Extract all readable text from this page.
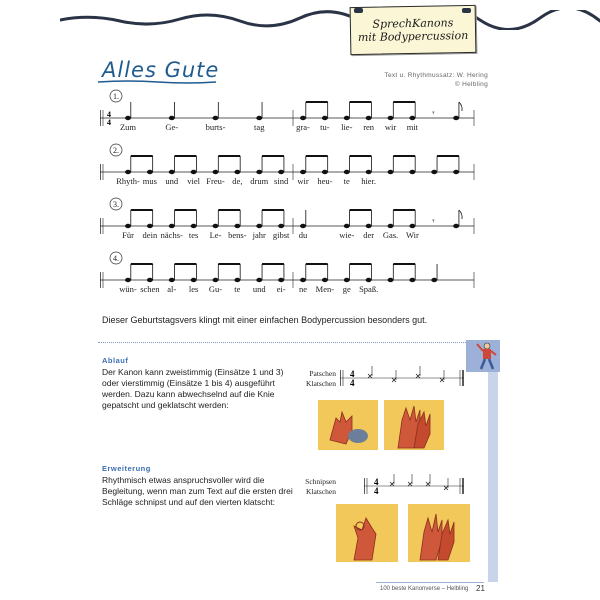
SprechKanons
mit Bodypercussion
Alles Gute	Text u. Rhythmussatz: W. Hering
© Helbling
1.
4
4
𝄾
Zum	Ge-	burts-	tag	gra- tu- lie- ren wir mit
2.
Rhyth- mus und viel Freu- de, drum sind wir heu- te hier.
3.
𝄾
Für dein nächs- tes Le- bens- jahr gibst du	wie- der Gas. Wir
4.
wün- schen al- les Gu- te und ei- ne Men- ge Spaß.
Dieser Geburtstagsvers klingt mit einer einfachen Bodypercussion besonders gut.
Ablauf
Der Kanon kann zweistimmig (Einsätze 1 und 3) oder vierstimmig (Einsätze 1 bis 4) ausgeführt werden. Dazu kann abwechselnd auf die Knie gepatscht und geklatscht werden:
Patschen
Klatschen
4
4
Erweiterung
Rhythmisch etwas anspruchsvoller wird die Begleitung, wenn man zum Text auf die ersten drei Schläge schnipst und auf den vierten klatscht:
Schnipsen
Klatschen
4
4
100 beste Kanonverse – Helbling 21
